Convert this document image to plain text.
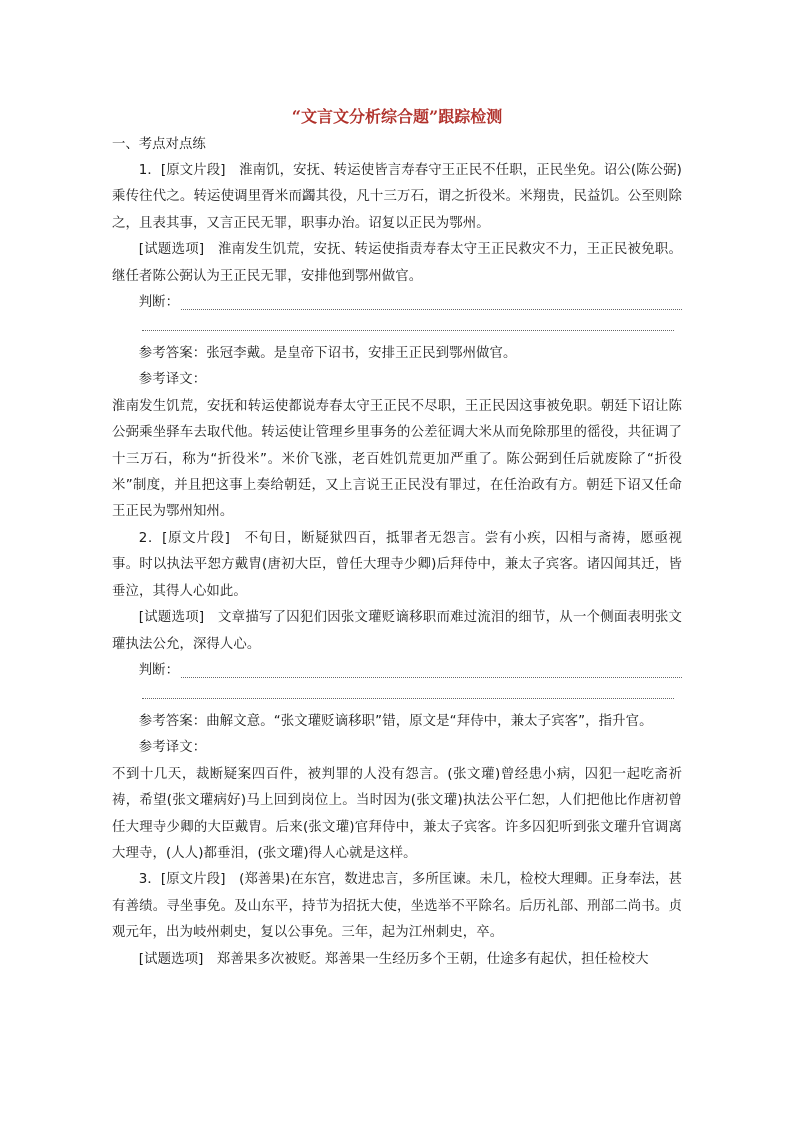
“文言文分析综合题”跟踪检测
一、考点对点练

1．[原文片段]　淮南饥，安抚、转运使皆言寿春守王正民不任职，正民坐免。诏公(陈公弼)乘传往代之。转运使调里胥米而蠲其役，凡十三万石，谓之折役米。米翔贵，民益饥。公至则除之，且表其事，又言正民无罪，职事办治。诏复以正民为鄂州。

[试题选项]　淮南发生饥荒，安抚、转运使指责寿春太守王正民救灾不力，王正民被免职。继任者陈公弼认为王正民无罪，安排他到鄂州做官。

判断：

参考答案：张冠李戴。是皇帝下诏书，安排王正民到鄂州做官。

参考译文：

淮南发生饥荒，安抚和转运使都说寿春太守王正民不尽职，王正民因这事被免职。朝廷下诏让陈公弼乘坐驿车去取代他。转运使让管理乡里事务的公差征调大米从而免除那里的徭役，共征调了十三万石，称为“折役米”。米价飞涨，老百姓饥荒更加严重了。陈公弼到任后就废除了“折役米”制度，并且把这事上奏给朝廷，又上言说王正民没有罪过，在任治政有方。朝廷下诏又任命王正民为鄂州知州。

2．[原文片段]　不旬日，断疑狱四百，抵罪者无怨言。尝有小疾，囚相与斋祷，愿亟视事。时以执法平恕方戴胄(唐初大臣，曾任大理寺少卿)后拜侍中，兼太子宾客。诸囚闻其迁，皆垂泣，其得人心如此。

[试题选项]　文章描写了囚犯们因张文瓘贬谪移职而难过流泪的细节，从一个侧面表明张文瓘执法公允，深得人心。

判断：

参考答案：曲解文意。“张文瓘贬谪移职”错，原文是“拜侍中，兼太子宾客”，指升官。

参考译文：

不到十几天，裁断疑案四百件，被判罪的人没有怨言。(张文瓘)曾经患小病，囚犯一起吃斋祈祷，希望(张文瓘病好)马上回到岗位上。当时因为(张文瓘)执法公平仁恕，人们把他比作唐初曾任大理寺少卿的大臣戴胄。后来(张文瓘)官拜侍中，兼太子宾客。许多囚犯听到张文瓘升官调离大理寺，(人人)都垂泪，(张文瓘)得人心就是这样。

3．[原文片段]　(郑善果)在东宫，数进忠言，多所匡谏。未几，检校大理卿。正身奉法，甚有善绩。寻坐事免。及山东平，持节为招抚大使，坐选举不平除名。后历礼部、刑部二尚书。贞观元年，出为岐州刺史，复以公事免。三年，起为江州刺史，卒。

[试题选项]　郑善果多次被贬。郑善果一生经历多个王朝，仕途多有起伏，担任检校大
